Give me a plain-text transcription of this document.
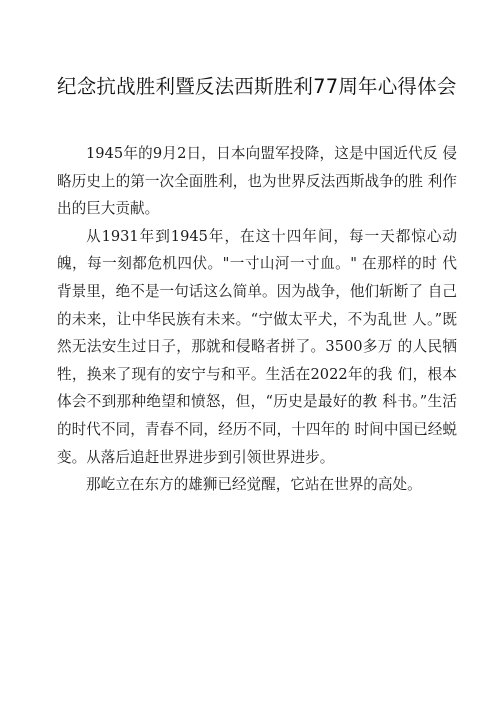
纪念抗战胜利暨反法西斯胜利77周年心得体会

1945年的9月2日，日本向盟军投降，这是中国近代反 侵略历史上的第一次全面胜利，也为世界反法西斯战争的胜 利作出的巨大贡献。

从1931年到1945年，在这十四年间，每一天都惊心动 魄，每一刻都危机四伏。"一寸山河一寸血。" 在那样的时 代背景里，绝不是一句话这么简单。因为战争，他们斩断了 自己的未来，让中华民族有未来。“宁做太平犬，不为乱世 人。”既然无法安生过日子，那就和侵略者拼了。3500多万 的人民牺牲，换来了现有的安宁与和平。生活在2022年的我 们，根本体会不到那种绝望和愤怒，但，“历史是最好的教 科书。”生活的时代不同，青春不同，经历不同，十四年的 时间中国已经蜕变。从落后追赶世界进步到引领世界进步。

那屹立在东方的雄狮已经觉醒，它站在世界的高处。
